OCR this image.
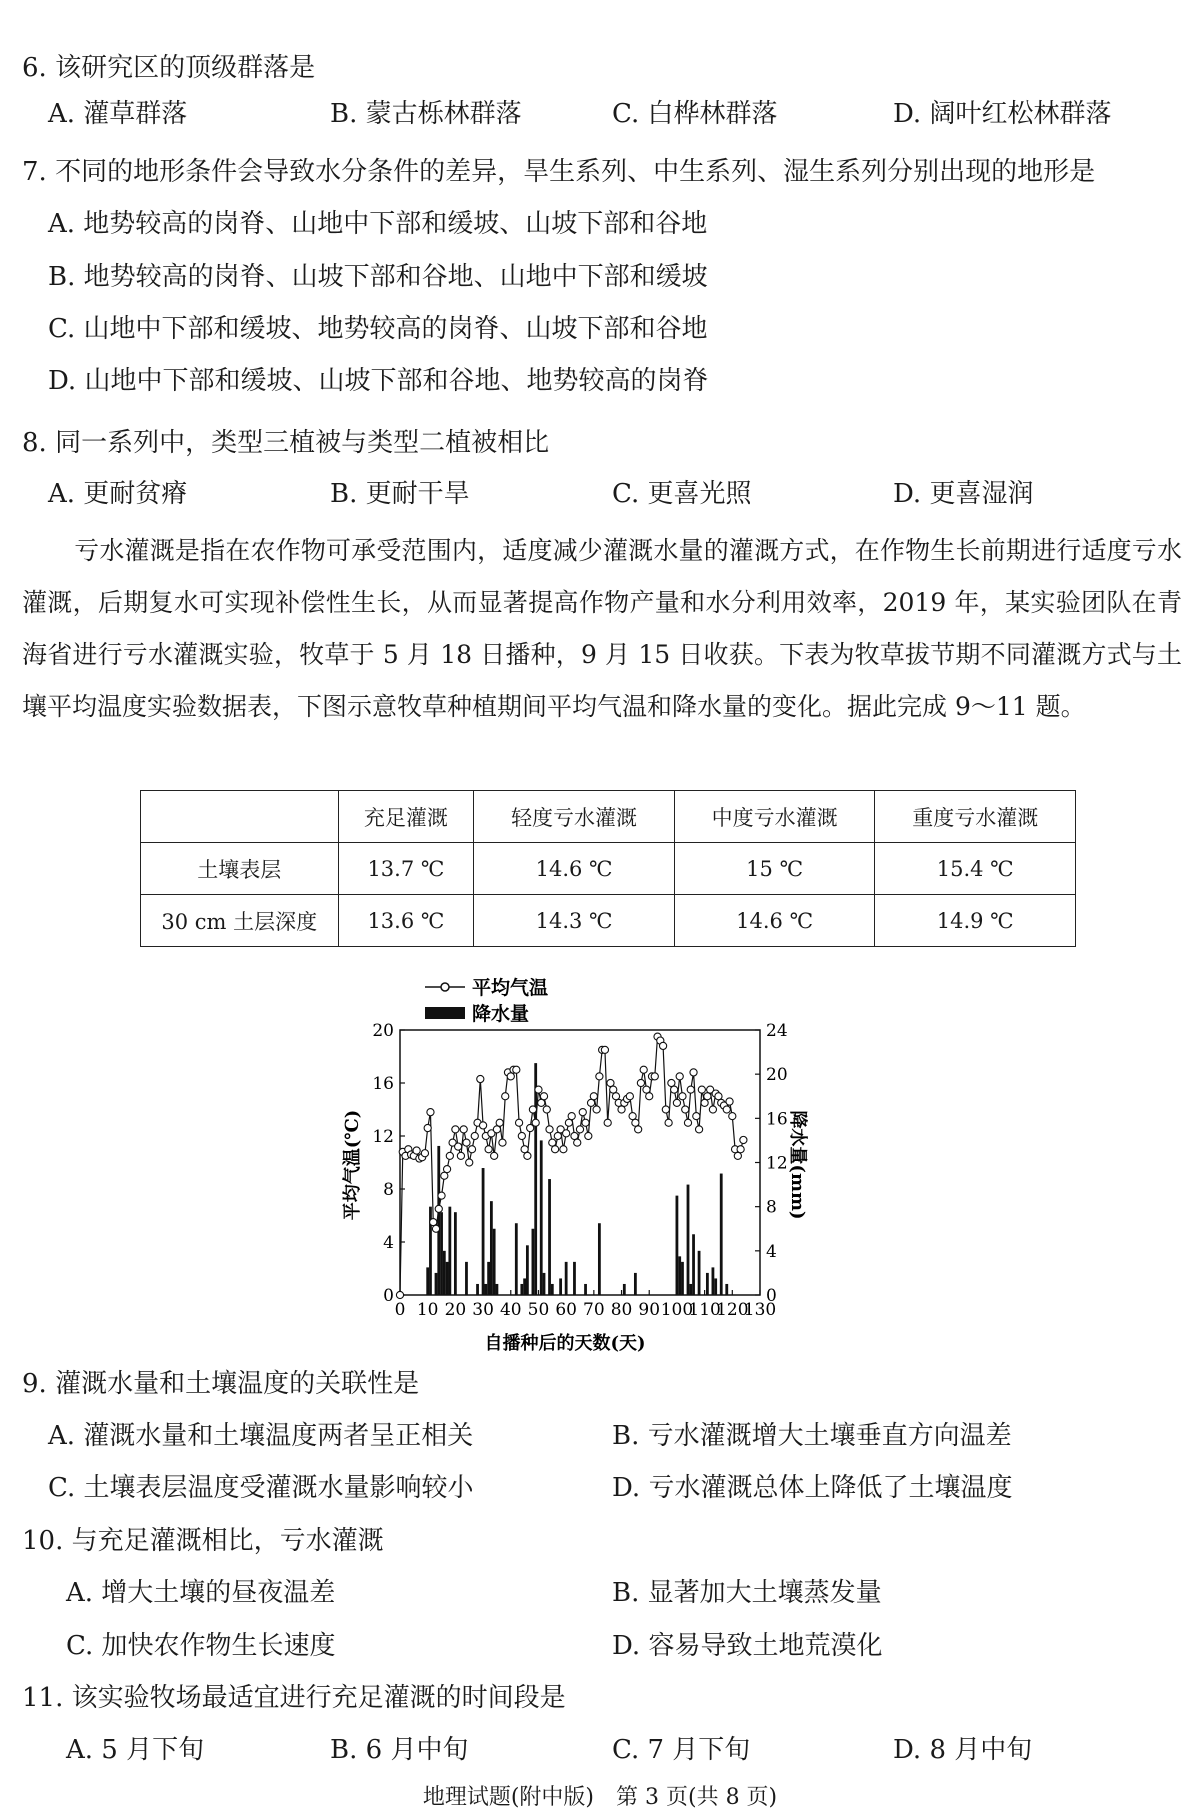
6. 该研究区的顶级群落是
A. 灌草群落	B. 蒙古栎林群落	C. 白桦林群落	D. 阔叶红松林群落
7. 不同的地形条件会导致水分条件的差异，旱生系列、中生系列、湿生系列分别出现的地形是
A. 地势较高的岗脊、山地中下部和缓坡、山坡下部和谷地
B. 地势较高的岗脊、山坡下部和谷地、山地中下部和缓坡
C. 山地中下部和缓坡、地势较高的岗脊、山坡下部和谷地
D. 山地中下部和缓坡、山坡下部和谷地、地势较高的岗脊
8. 同一系列中，类型三植被与类型二植被相比
A. 更耐贫瘠	B. 更耐干旱	C. 更喜光照	D. 更喜湿润
亏水灌溉是指在农作物可承受范围内，适度减少灌溉水量的灌溉方式，在作物生长前期进行适度亏水灌溉，后期复水可实现补偿性生长，从而显著提高作物产量和水分利用效率，2019 年，某实验团队在青海省进行亏水灌溉实验，牧草于 5 月 18 日播种，9 月 15 日收获。下表为牧草拔节期不同灌溉方式与土壤平均温度实验数据表，下图示意牧草种植期间平均气温和降水量的变化。据此完成 9～11 题。
	充足灌溉	轻度亏水灌溉	中度亏水灌溉	重度亏水灌溉
土壤表层	13.7 ℃	14.6 ℃	15 ℃	15.4 ℃
30 cm 土层深度	13.6 ℃	14.3 ℃	14.6 ℃	14.9 ℃
平均气温
降水量
0 10 20 30 40 50 60 70 80 90 100
110
120
130
0
4
8
12
16
20
0
4
8
12
16
20
24
平均气温(℃)	降水量(mm)
自播种后的天数(天)
9. 灌溉水量和土壤温度的关联性是
A. 灌溉水量和土壤温度两者呈正相关	B. 亏水灌溉增大土壤垂直方向温差
C. 土壤表层温度受灌溉水量影响较小	D. 亏水灌溉总体上降低了土壤温度
10. 与充足灌溉相比，亏水灌溉
A. 增大土壤的昼夜温差	B. 显著加大土壤蒸发量
C. 加快农作物生长速度	D. 容易导致土地荒漠化
11. 该实验牧场最适宜进行充足灌溉的时间段是
A. 5 月下旬	B. 6 月中旬	C. 7 月下旬	D. 8 月中旬
地理试题(附中版)　第 3 页(共 8 页)
